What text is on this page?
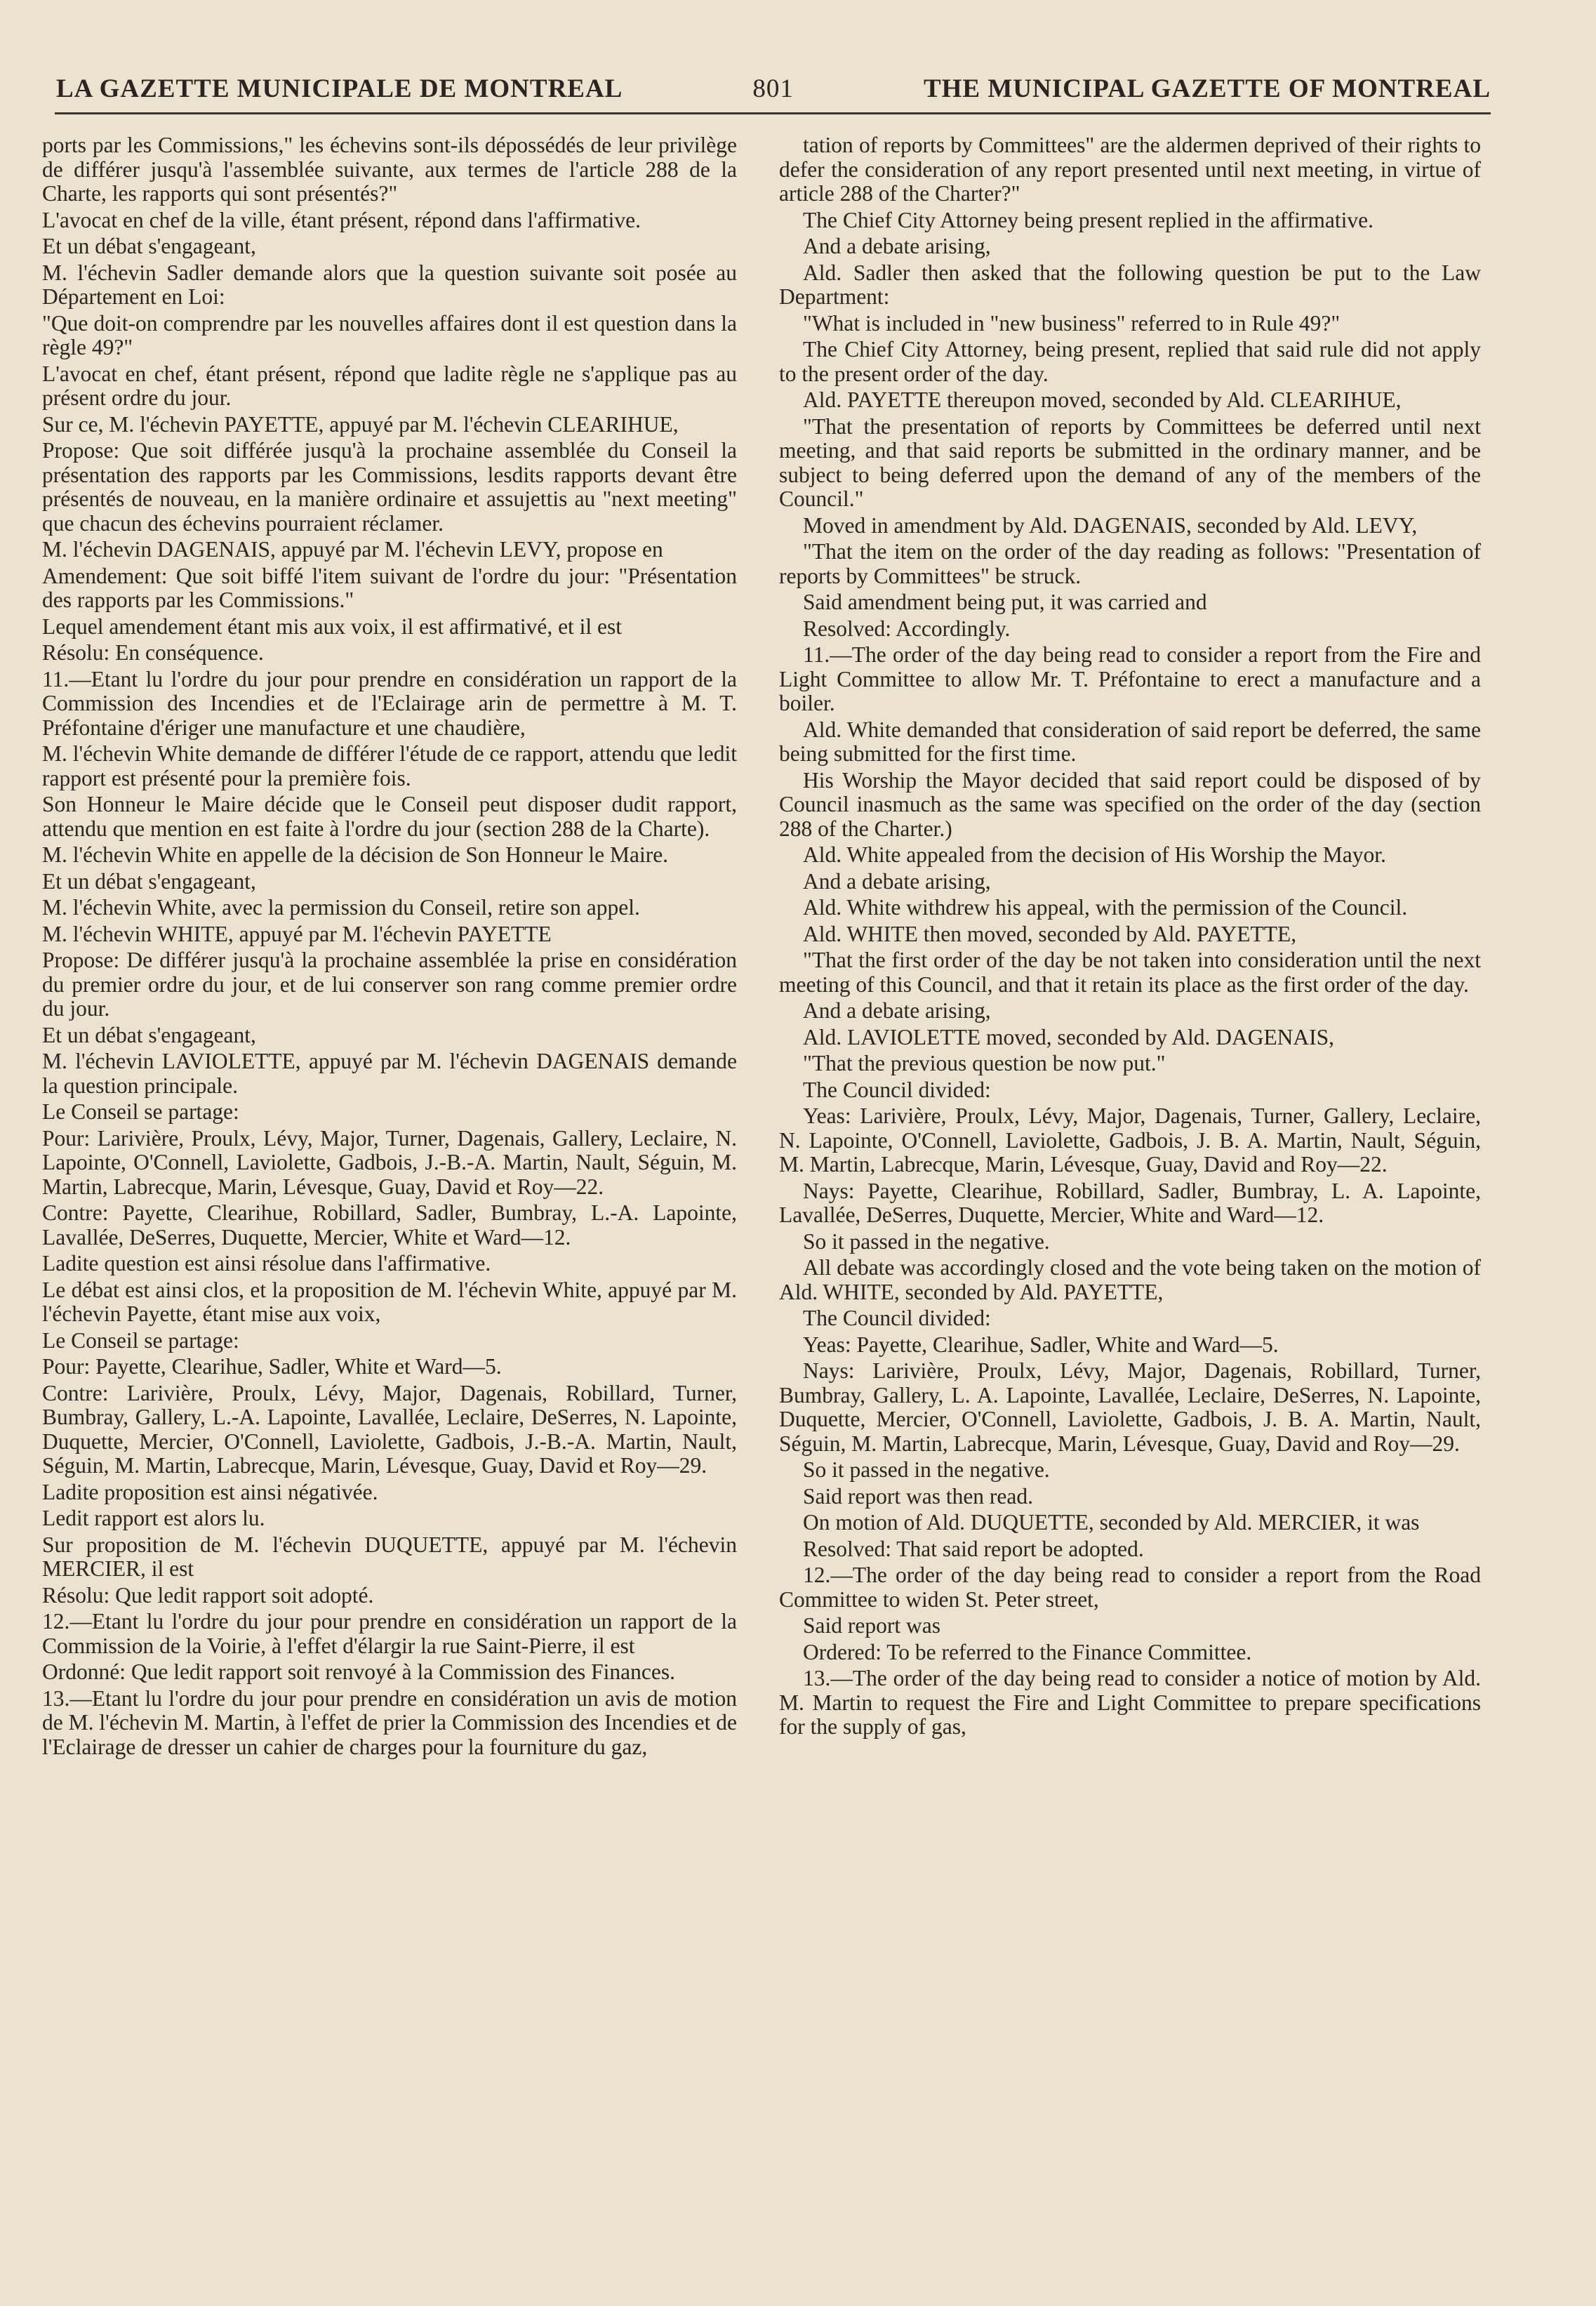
LA GAZETTE MUNICIPALE DE MONTREAL	801	THE MUNICIPAL GAZETTE OF MONTREAL

ports par les Commissions," les échevins sont-ils dépossédés de leur privilège de différer jusqu'à l'assemblée suivante, aux termes de l'article 288 de la Charte, les rapports qui sont présentés?"

L'avocat en chef de la ville, étant présent, répond dans l'affirmative.

Et un débat s'engageant,

M. l'échevin Sadler demande alors que la question suivante soit posée au Département en Loi:

"Que doit-on comprendre par les nouvelles affaires dont il est question dans la règle 49?"

L'avocat en chef, étant présent, répond que ladite règle ne s'applique pas au présent ordre du jour.

Sur ce, M. l'échevin PAYETTE, appuyé par M. l'échevin CLEARIHUE,

Propose: Que soit différée jusqu'à la prochaine assemblée du Conseil la présentation des rapports par les Commissions, lesdits rapports devant être présentés de nouveau, en la manière ordinaire et assujettis au "next meeting" que chacun des échevins pourraient réclamer.

M. l'échevin DAGENAIS, appuyé par M. l'échevin LEVY, propose en

Amendement: Que soit biffé l'item suivant de l'ordre du jour: "Présentation des rapports par les Commissions."

Lequel amendement étant mis aux voix, il est affirmativé, et il est

Résolu: En conséquence.

11.—Etant lu l'ordre du jour pour prendre en considération un rapport de la Commission des Incendies et de l'Eclairage arin de permettre à M. T. Préfontaine d'ériger une manufacture et une chaudière,

M. l'échevin White demande de différer l'étude de ce rapport, attendu que ledit rapport est présenté pour la première fois.

Son Honneur le Maire décide que le Conseil peut disposer dudit rapport, attendu que mention en est faite à l'ordre du jour (section 288 de la Charte).

M. l'échevin White en appelle de la décision de Son Honneur le Maire.

Et un débat s'engageant,

M. l'échevin White, avec la permission du Conseil, retire son appel.

M. l'échevin WHITE, appuyé par M. l'échevin PAYETTE

Propose: De différer jusqu'à la prochaine assemblée la prise en considération du premier ordre du jour, et de lui conserver son rang comme premier ordre du jour.

Et un débat s'engageant,

M. l'échevin LAVIOLETTE, appuyé par M. l'échevin DAGENAIS demande la question principale.

Le Conseil se partage:

Pour: Larivière, Proulx, Lévy, Major, Turner, Dagenais, Gallery, Leclaire, N. Lapointe, O'Connell, Laviolette, Gadbois, J.-B.-A. Martin, Nault, Séguin, M. Martin, Labrecque, Marin, Lévesque, Guay, David et Roy—22.

Contre: Payette, Clearihue, Robillard, Sadler, Bumbray, L.-A. Lapointe, Lavallée, DeSerres, Duquette, Mercier, White et Ward—12.

Ladite question est ainsi résolue dans l'affirmative.

Le débat est ainsi clos, et la proposition de M. l'échevin White, appuyé par M. l'échevin Payette, étant mise aux voix,

Le Conseil se partage:

Pour: Payette, Clearihue, Sadler, White et Ward—5.

Contre: Larivière, Proulx, Lévy, Major, Dagenais, Robillard, Turner, Bumbray, Gallery, L.-A. Lapointe, Lavallée, Leclaire, DeSerres, N. Lapointe, Duquette, Mercier, O'Connell, Laviolette, Gadbois, J.-B.-A. Martin, Nault, Séguin, M. Martin, Labrecque, Marin, Lévesque, Guay, David et Roy—29.

Ladite proposition est ainsi négativée.

Ledit rapport est alors lu.

Sur proposition de M. l'échevin DUQUETTE, appuyé par M. l'échevin MERCIER, il est

Résolu: Que ledit rapport soit adopté.

12.—Etant lu l'ordre du jour pour prendre en considération un rapport de la Commission de la Voirie, à l'effet d'élargir la rue Saint-Pierre, il est

Ordonné: Que ledit rapport soit renvoyé à la Commission des Finances.

13.—Etant lu l'ordre du jour pour prendre en considération un avis de motion de M. l'échevin M. Martin, à l'effet de prier la Commission des Incendies et de l'Eclairage de dresser un cahier de charges pour la fourniture du gaz,

tation of reports by Committees" are the aldermen deprived of their rights to defer the consideration of any report presented until next meeting, in virtue of article 288 of the Charter?"

The Chief City Attorney being present replied in the affirmative.

And a debate arising,

Ald. Sadler then asked that the following question be put to the Law Department:

"What is included in "new business" referred to in Rule 49?"

The Chief City Attorney, being present, replied that said rule did not apply to the present order of the day.

Ald. PAYETTE thereupon moved, seconded by Ald. CLEARIHUE,

"That the presentation of reports by Committees be deferred until next meeting, and that said reports be submitted in the ordinary manner, and be subject to being deferred upon the demand of any of the members of the Council."

Moved in amendment by Ald. DAGENAIS, seconded by Ald. LEVY,

"That the item on the order of the day reading as follows: "Presentation of reports by Committees" be struck.

Said amendment being put, it was carried and

Resolved: Accordingly.

11.—The order of the day being read to consider a report from the Fire and Light Committee to allow Mr. T. Préfontaine to erect a manufacture and a boiler.

Ald. White demanded that consideration of said report be deferred, the same being submitted for the first time.

His Worship the Mayor decided that said report could be disposed of by Council inasmuch as the same was specified on the order of the day (section 288 of the Charter.)

Ald. White appealed from the decision of His Worship the Mayor.

And a debate arising,

Ald. White withdrew his appeal, with the permission of the Council.

Ald. WHITE then moved, seconded by Ald. PAYETTE,

"That the first order of the day be not taken into consideration until the next meeting of this Council, and that it retain its place as the first order of the day.

And a debate arising,

Ald. LAVIOLETTE moved, seconded by Ald. DAGENAIS,

"That the previous question be now put."

The Council divided:

Yeas: Larivière, Proulx, Lévy, Major, Dagenais, Turner, Gallery, Leclaire, N. Lapointe, O'Connell, Laviolette, Gadbois, J. B. A. Martin, Nault, Séguin, M. Martin, Labrecque, Marin, Lévesque, Guay, David and Roy—22.

Nays: Payette, Clearihue, Robillard, Sadler, Bumbray, L. A. Lapointe, Lavallée, DeSerres, Duquette, Mercier, White and Ward—12.

So it passed in the negative.

All debate was accordingly closed and the vote being taken on the motion of Ald. WHITE, seconded by Ald. PAYETTE,

The Council divided:

Yeas: Payette, Clearihue, Sadler, White and Ward—5.

Nays: Larivière, Proulx, Lévy, Major, Dagenais, Robillard, Turner, Bumbray, Gallery, L. A. Lapointe, Lavallée, Leclaire, DeSerres, N. Lapointe, Duquette, Mercier, O'Connell, Laviolette, Gadbois, J. B. A. Martin, Nault, Séguin, M. Martin, Labrecque, Marin, Lévesque, Guay, David and Roy—29.

So it passed in the negative.

Said report was then read.

On motion of Ald. DUQUETTE, seconded by Ald. MERCIER, it was

Resolved: That said report be adopted.

12.—The order of the day being read to consider a report from the Road Committee to widen St. Peter street,

Said report was

Ordered: To be referred to the Finance Committee.

13.—The order of the day being read to consider a notice of motion by Ald. M. Martin to request the Fire and Light Committee to prepare specifications for the supply of gas,
